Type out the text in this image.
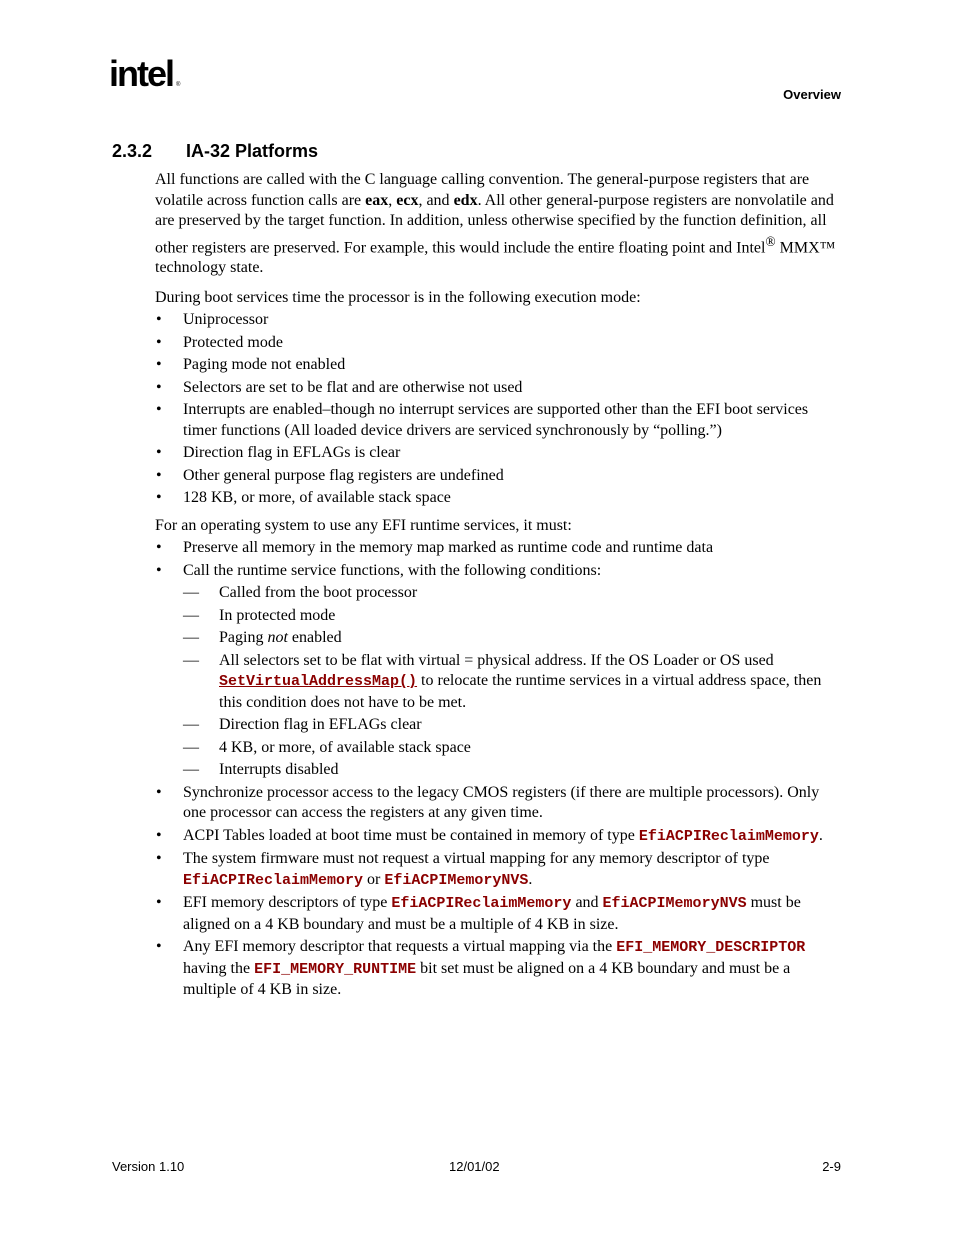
intel ®
Overview
2.3.2 IA-32 Platforms

All functions are called with the C language calling convention. The general-purpose registers that are volatile across function calls are eax, ecx, and edx. All other general-purpose registers are nonvolatile and are preserved by the target function. In addition, unless otherwise specified by the function definition, all other registers are preserved. For example, this would include the entire floating point and Intel® MMX™ technology state.

During boot services time the processor is in the following execution mode:

• Uniprocessor
• Protected mode
• Paging mode not enabled
• Selectors are set to be flat and are otherwise not used
• Interrupts are enabled–though no interrupt services are supported other than the EFI boot services timer functions (All loaded device drivers are serviced synchronously by “polling.”)
• Direction flag in EFLAGs is clear
• Other general purpose flag registers are undefined
• 128 KB, or more, of available stack space

For an operating system to use any EFI runtime services, it must:

• Preserve all memory in the memory map marked as runtime code and runtime data
• Call the runtime service functions, with the following conditions:
— Called from the boot processor
— In protected mode
— Paging not enabled
— All selectors set to be flat with virtual = physical address. If the OS Loader or OS used SetVirtualAddressMap() to relocate the runtime services in a virtual address space, then this condition does not have to be met.
— Direction flag in EFLAGs clear
— 4 KB, or more, of available stack space
— Interrupts disabled
• Synchronize processor access to the legacy CMOS registers (if there are multiple processors). Only one processor can access the registers at any given time.
• ACPI Tables loaded at boot time must be contained in memory of type EfiACPIReclaimMemory.
• The system firmware must not request a virtual mapping for any memory descriptor of type EfiACPIReclaimMemory or EfiACPIMemoryNVS.
• EFI memory descriptors of type EfiACPIReclaimMemory and EfiACPIMemoryNVS must be aligned on a 4 KB boundary and must be a multiple of 4 KB in size.
• Any EFI memory descriptor that requests a virtual mapping via the EFI_MEMORY_DESCRIPTOR having the EFI_MEMORY_RUNTIME bit set must be aligned on a 4 KB boundary and must be a multiple of 4 KB in size.
Version 1.10	12/01/02	2-9
